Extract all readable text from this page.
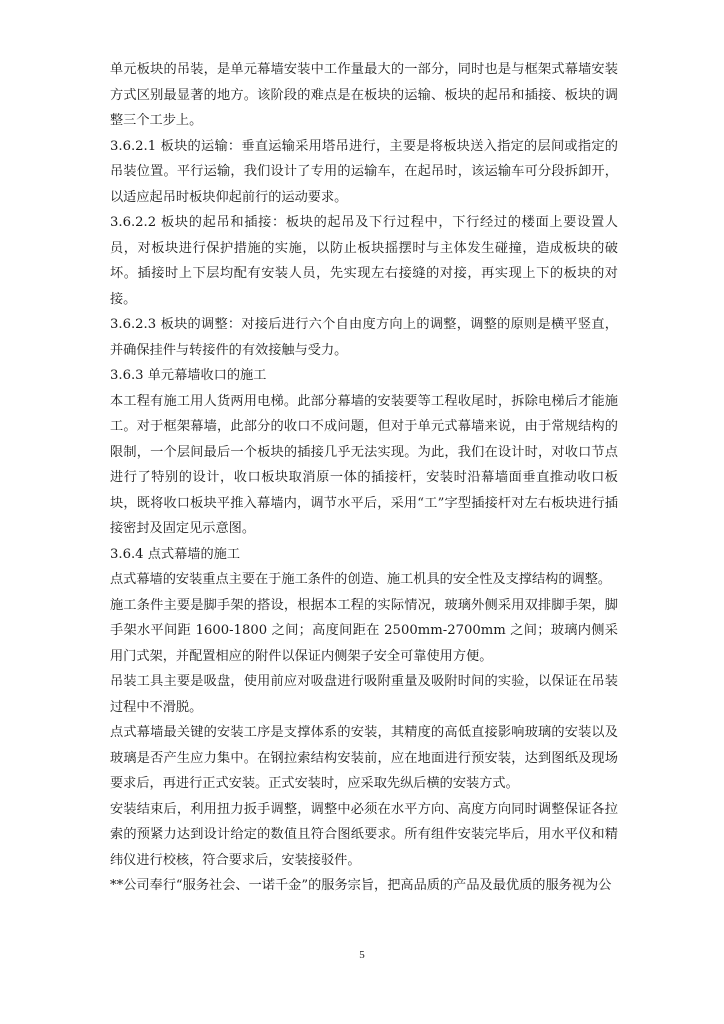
单元板块的吊装，是单元幕墙安装中工作量最大的一部分，同时也是与框架式幕墙安装方式区别最显著的地方。该阶段的难点是在板块的运输、板块的起吊和插接、板块的调整三个工步上。

3.6.2.1 板块的运输：垂直运输采用塔吊进行，主要是将板块送入指定的层间或指定的吊装位置。平行运输，我们设计了专用的运输车，在起吊时，该运输车可分段拆卸开，以适应起吊时板块仰起前行的运动要求。

3.6.2.2 板块的起吊和插接：板块的起吊及下行过程中，下行经过的楼面上要设置人员，对板块进行保护措施的实施，以防止板块摇摆时与主体发生碰撞，造成板块的破坏。插接时上下层均配有安装人员，先实现左右接缝的对接，再实现上下的板块的对接。

3.6.2.3 板块的调整：对接后进行六个自由度方向上的调整，调整的原则是横平竖直，并确保挂件与转接件的有效接触与受力。

3.6.3 单元幕墙收口的施工

本工程有施工用人货两用电梯。此部分幕墙的安装要等工程收尾时，拆除电梯后才能施工。对于框架幕墙，此部分的收口不成问题，但对于单元式幕墙来说，由于常规结构的限制，一个层间最后一个板块的插接几乎无法实现。为此，我们在设计时，对收口节点进行了特别的设计，收口板块取消原一体的插接杆，安装时沿幕墙面垂直推动收口板块，既将收口板块平推入幕墙内，调节水平后，采用“工”字型插接杆对左右板块进行插接密封及固定见示意图。

3.6.4 点式幕墙的施工

点式幕墙的安装重点主要在于施工条件的创造、施工机具的安全性及支撑结构的调整。

施工条件主要是脚手架的搭设，根据本工程的实际情况，玻璃外侧采用双排脚手架，脚手架水平间距 1600-1800 之间；高度间距在 2500mm-2700mm 之间；玻璃内侧采用门式架，并配置相应的附件以保证内侧架子安全可靠使用方便。

吊装工具主要是吸盘，使用前应对吸盘进行吸附重量及吸附时间的实验，以保证在吊装过程中不滑脱。

点式幕墙最关键的安装工序是支撑体系的安装，其精度的高低直接影响玻璃的安装以及玻璃是否产生应力集中。在钢拉索结构安装前，应在地面进行预安装，达到图纸及现场要求后，再进行正式安装。正式安装时，应采取先纵后横的安装方式。

安装结束后，利用扭力扳手调整，调整中必须在水平方向、高度方向同时调整保证各拉索的预紧力达到设计给定的数值且符合图纸要求。所有组件安装完毕后，用水平仪和精纬仪进行校核，符合要求后，安装接驳件。

**公司奉行“服务社会、一诺千金”的服务宗旨，把高品质的产品及最优质的服务视为公

5
